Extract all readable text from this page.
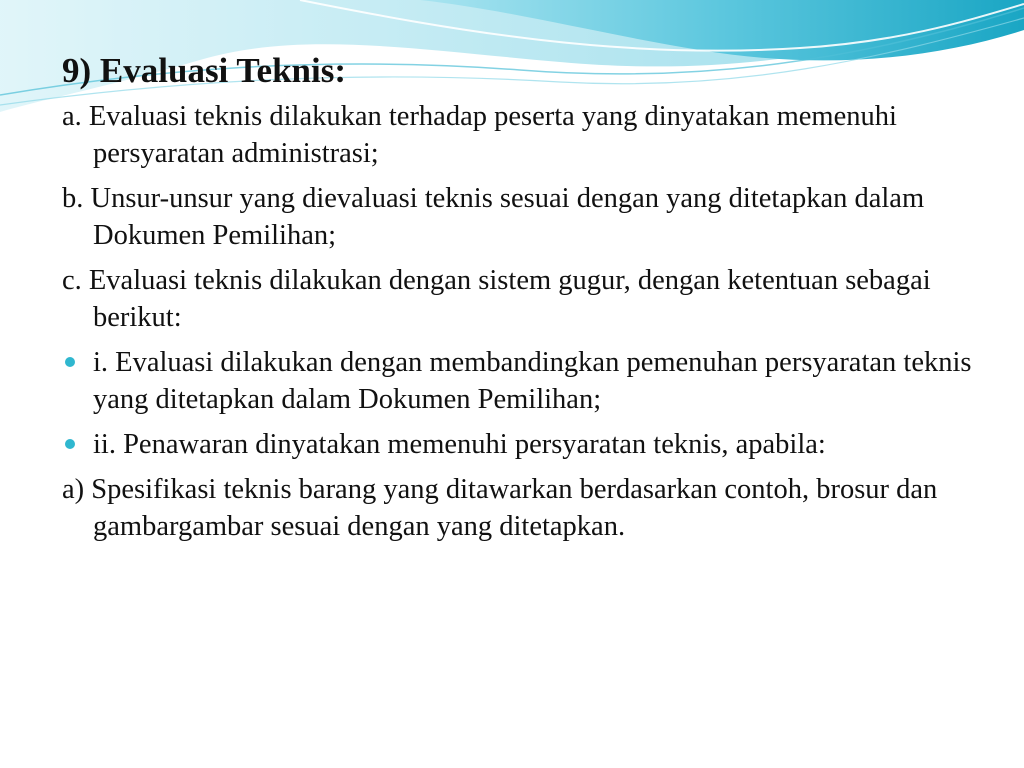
9) Evaluasi Teknis:
a. Evaluasi teknis dilakukan terhadap peserta yang dinyatakan memenuhi persyaratan administrasi;
b. Unsur-unsur yang dievaluasi teknis sesuai dengan yang ditetapkan dalam Dokumen Pemilihan;
c. Evaluasi teknis dilakukan dengan sistem gugur, dengan ketentuan sebagai berikut:
i. Evaluasi dilakukan dengan membandingkan pemenuhan persyaratan teknis yang ditetapkan dalam Dokumen Pemilihan;
ii. Penawaran dinyatakan memenuhi persyaratan teknis, apabila:
a) Spesifikasi teknis barang yang ditawarkan berdasarkan contoh, brosur dan gambargambar sesuai dengan yang ditetapkan.
